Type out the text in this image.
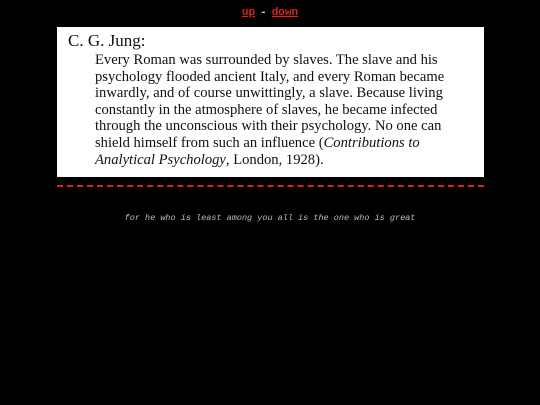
up - down
C. G. Jung:

Every Roman was surrounded by slaves. The slave and his psychology flooded ancient Italy, and every Roman became inwardly, and of course unwittingly, a slave. Because living constantly in the atmosphere of slaves, he became infected through the unconscious with their psychology. No one can shield himself from such an influence (Contributions to Analytical Psychology, London, 1928).

for he who is least among you all is the one who is great
